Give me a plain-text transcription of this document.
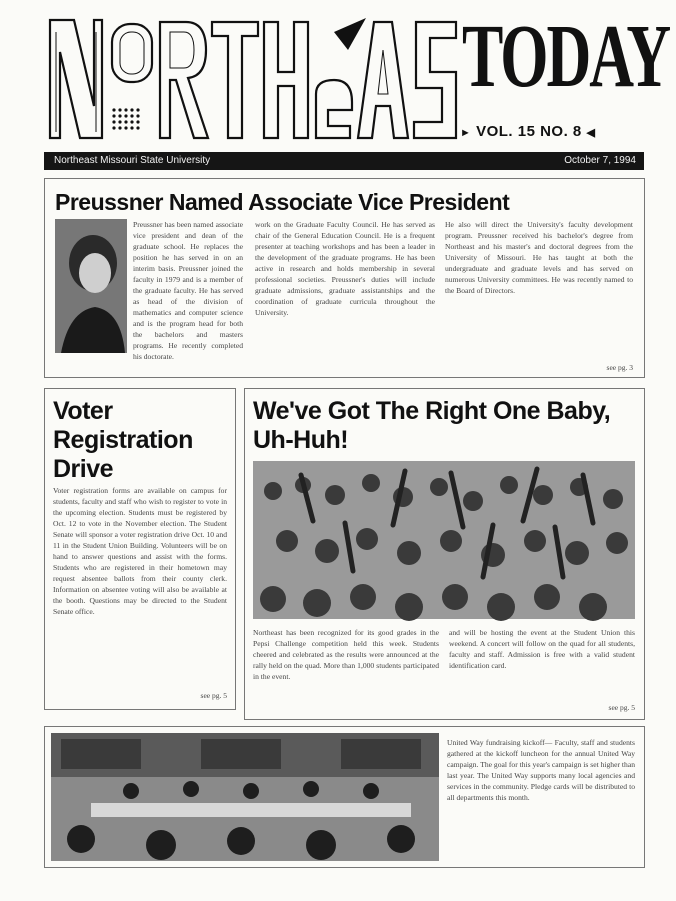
NORTHeAST	TODAY
► VOL. 15 NO. 8 ◀
Northeast Missouri State University	October 7, 1994
Preussner Named Associate Vice President
Preussner has been named associate vice president and dean of the graduate school. He replaces the position he has served in on an interim basis. Preussner joined the faculty in 1979 and is a member of the graduate faculty. He has served as head of the division of mathematics and computer science and is the program head for both the bachelors and masters programs. He recently completed his doctorate.
work on the Graduate Faculty Council. He has served as chair of the General Education Council. He is a frequent presenter at teaching workshops and has been a leader in the development of the graduate programs. He has been active in research and holds membership in several professional societies. Preussner's duties will include graduate admissions, graduate assistantships and the coordination of graduate curricula throughout the University.
He also will direct the University's faculty development program. Preussner received his bachelor's degree from Northeast and his master's and doctoral degrees from the University of Missouri. He has taught at both the undergraduate and graduate levels and has served on numerous University committees. He was recently named to the Board of Directors.
see pg. 3
Voter Registration Drive
Voter registration forms are available on campus for students, faculty and staff who wish to register to vote in the upcoming election. Students must be registered by Oct. 12 to vote in the November election. The Student Senate will sponsor a voter registration drive Oct. 10 and 11 in the Student Union Building. Volunteers will be on hand to answer questions and assist with the forms. Students who are registered in their hometown may request absentee ballots from their county clerk. Information on absentee voting will also be available at the booth. Questions may be directed to the Student Senate office.
see pg. 5
We've Got The Right One Baby, Uh-Huh!
Northeast has been recognized for its good grades in the Pepsi Challenge competition held this week. Students cheered and celebrated as the results were announced at the rally held on the quad. More than 1,000 students participated in the event.
and will be hosting the event at the Student Union this weekend. A concert will follow on the quad for all students, faculty and staff. Admission is free with a valid student identification card.
see pg. 5
United Way fundraising kickoff— Faculty, staff and students gathered at the kickoff luncheon for the annual United Way campaign. The goal for this year's campaign is set higher than last year. The United Way supports many local agencies and services in the community. Pledge cards will be distributed to all departments this month.
